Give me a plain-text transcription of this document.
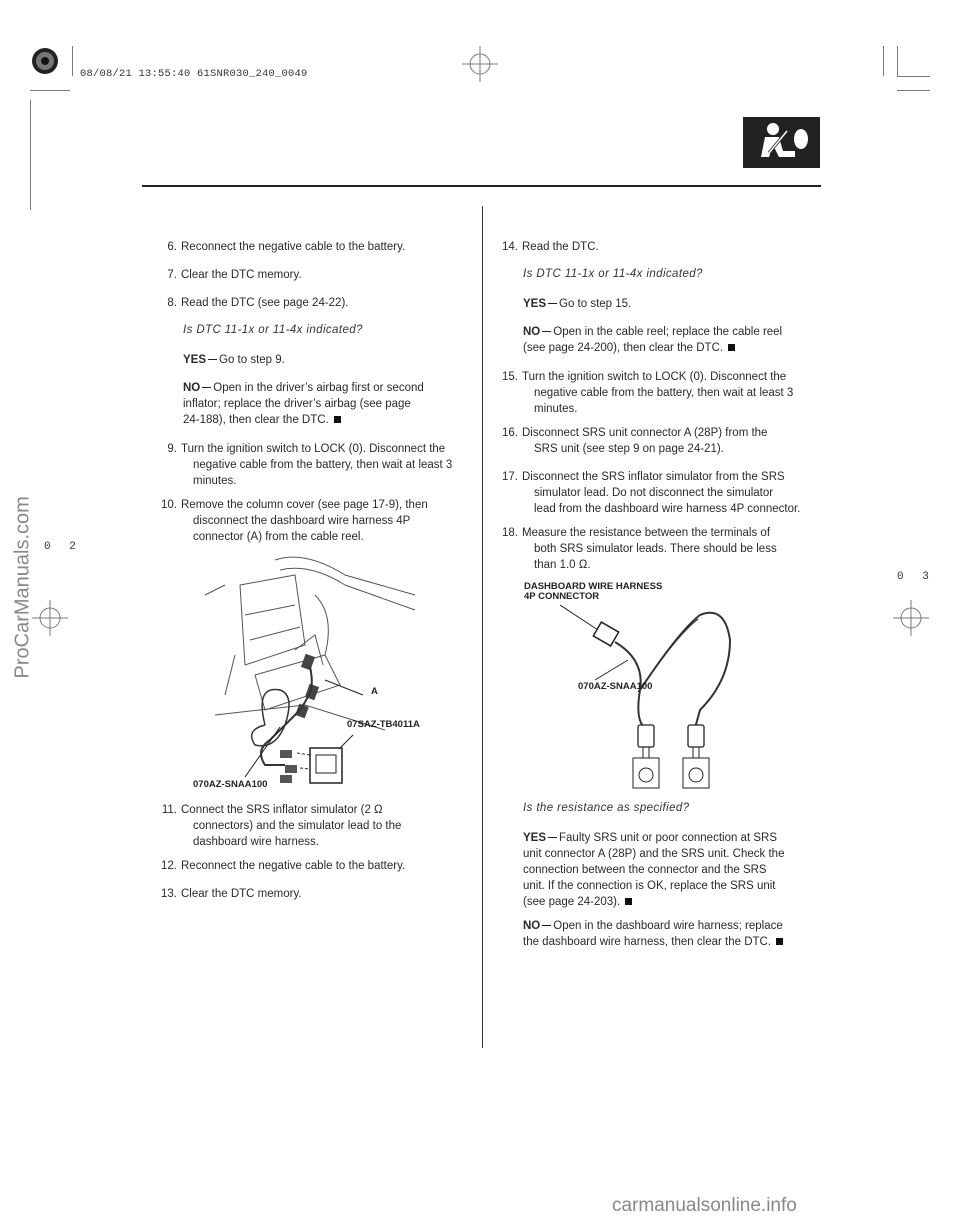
08/08/21 13:55:40 61SNR030_240_0049
6. Reconnect the negative cable to the battery.
7. Clear the DTC memory.
8. Read the DTC (see page 24-22).
Is DTC 11-1x or 11-4x indicated?
YES Go to step 9.
NO Open in the driver’s airbag first or second
inflator; replace the driver’s airbag (see page
24-188), then clear the DTC.
9. Turn the ignition switch to LOCK (0). Disconnect the
negative cable from the battery, then wait at least 3
minutes.
10. Remove the column cover (see page 17-9), then
disconnect the dashboard wire harness 4P
connector (A) from the cable reel.
A
07SAZ-TB4011A
070AZ-SNAA100
11. Connect the SRS inflator simulator (2 Ω
connectors) and the simulator lead to the
dashboard wire harness.
12. Reconnect the negative cable to the battery.
13. Clear the DTC memory.
14. Read the DTC.
Is DTC 11-1x or 11-4x indicated?
YES Go to step 15.
NO Open in the cable reel; replace the cable reel
(see page 24-200), then clear the DTC.
15. Turn the ignition switch to LOCK (0). Disconnect the
negative cable from the battery, then wait at least 3
minutes.
16. Disconnect SRS unit connector A (28P) from the
SRS unit (see step 9 on page 24-21).
17. Disconnect the SRS inflator simulator from the SRS
simulator lead. Do not disconnect the simulator
lead from the dashboard wire harness 4P connector.
18. Measure the resistance between the terminals of
both SRS simulator leads. There should be less
than 1.0 Ω.
DASHBOARD WIRE HARNESS
4P CONNECTOR
070AZ-SNAA100
Is the resistance as specified?
YES Faulty SRS unit or poor connection at SRS
unit connector A (28P) and the SRS unit. Check the
connection between the connector and the SRS
unit. If the connection is OK, replace the SRS unit
(see page 24-203).
NO Open in the dashboard wire harness; replace
the dashboard wire harness, then clear the DTC.
0 2
0 3
ProCarManuals.com
carmanualsonline.info
